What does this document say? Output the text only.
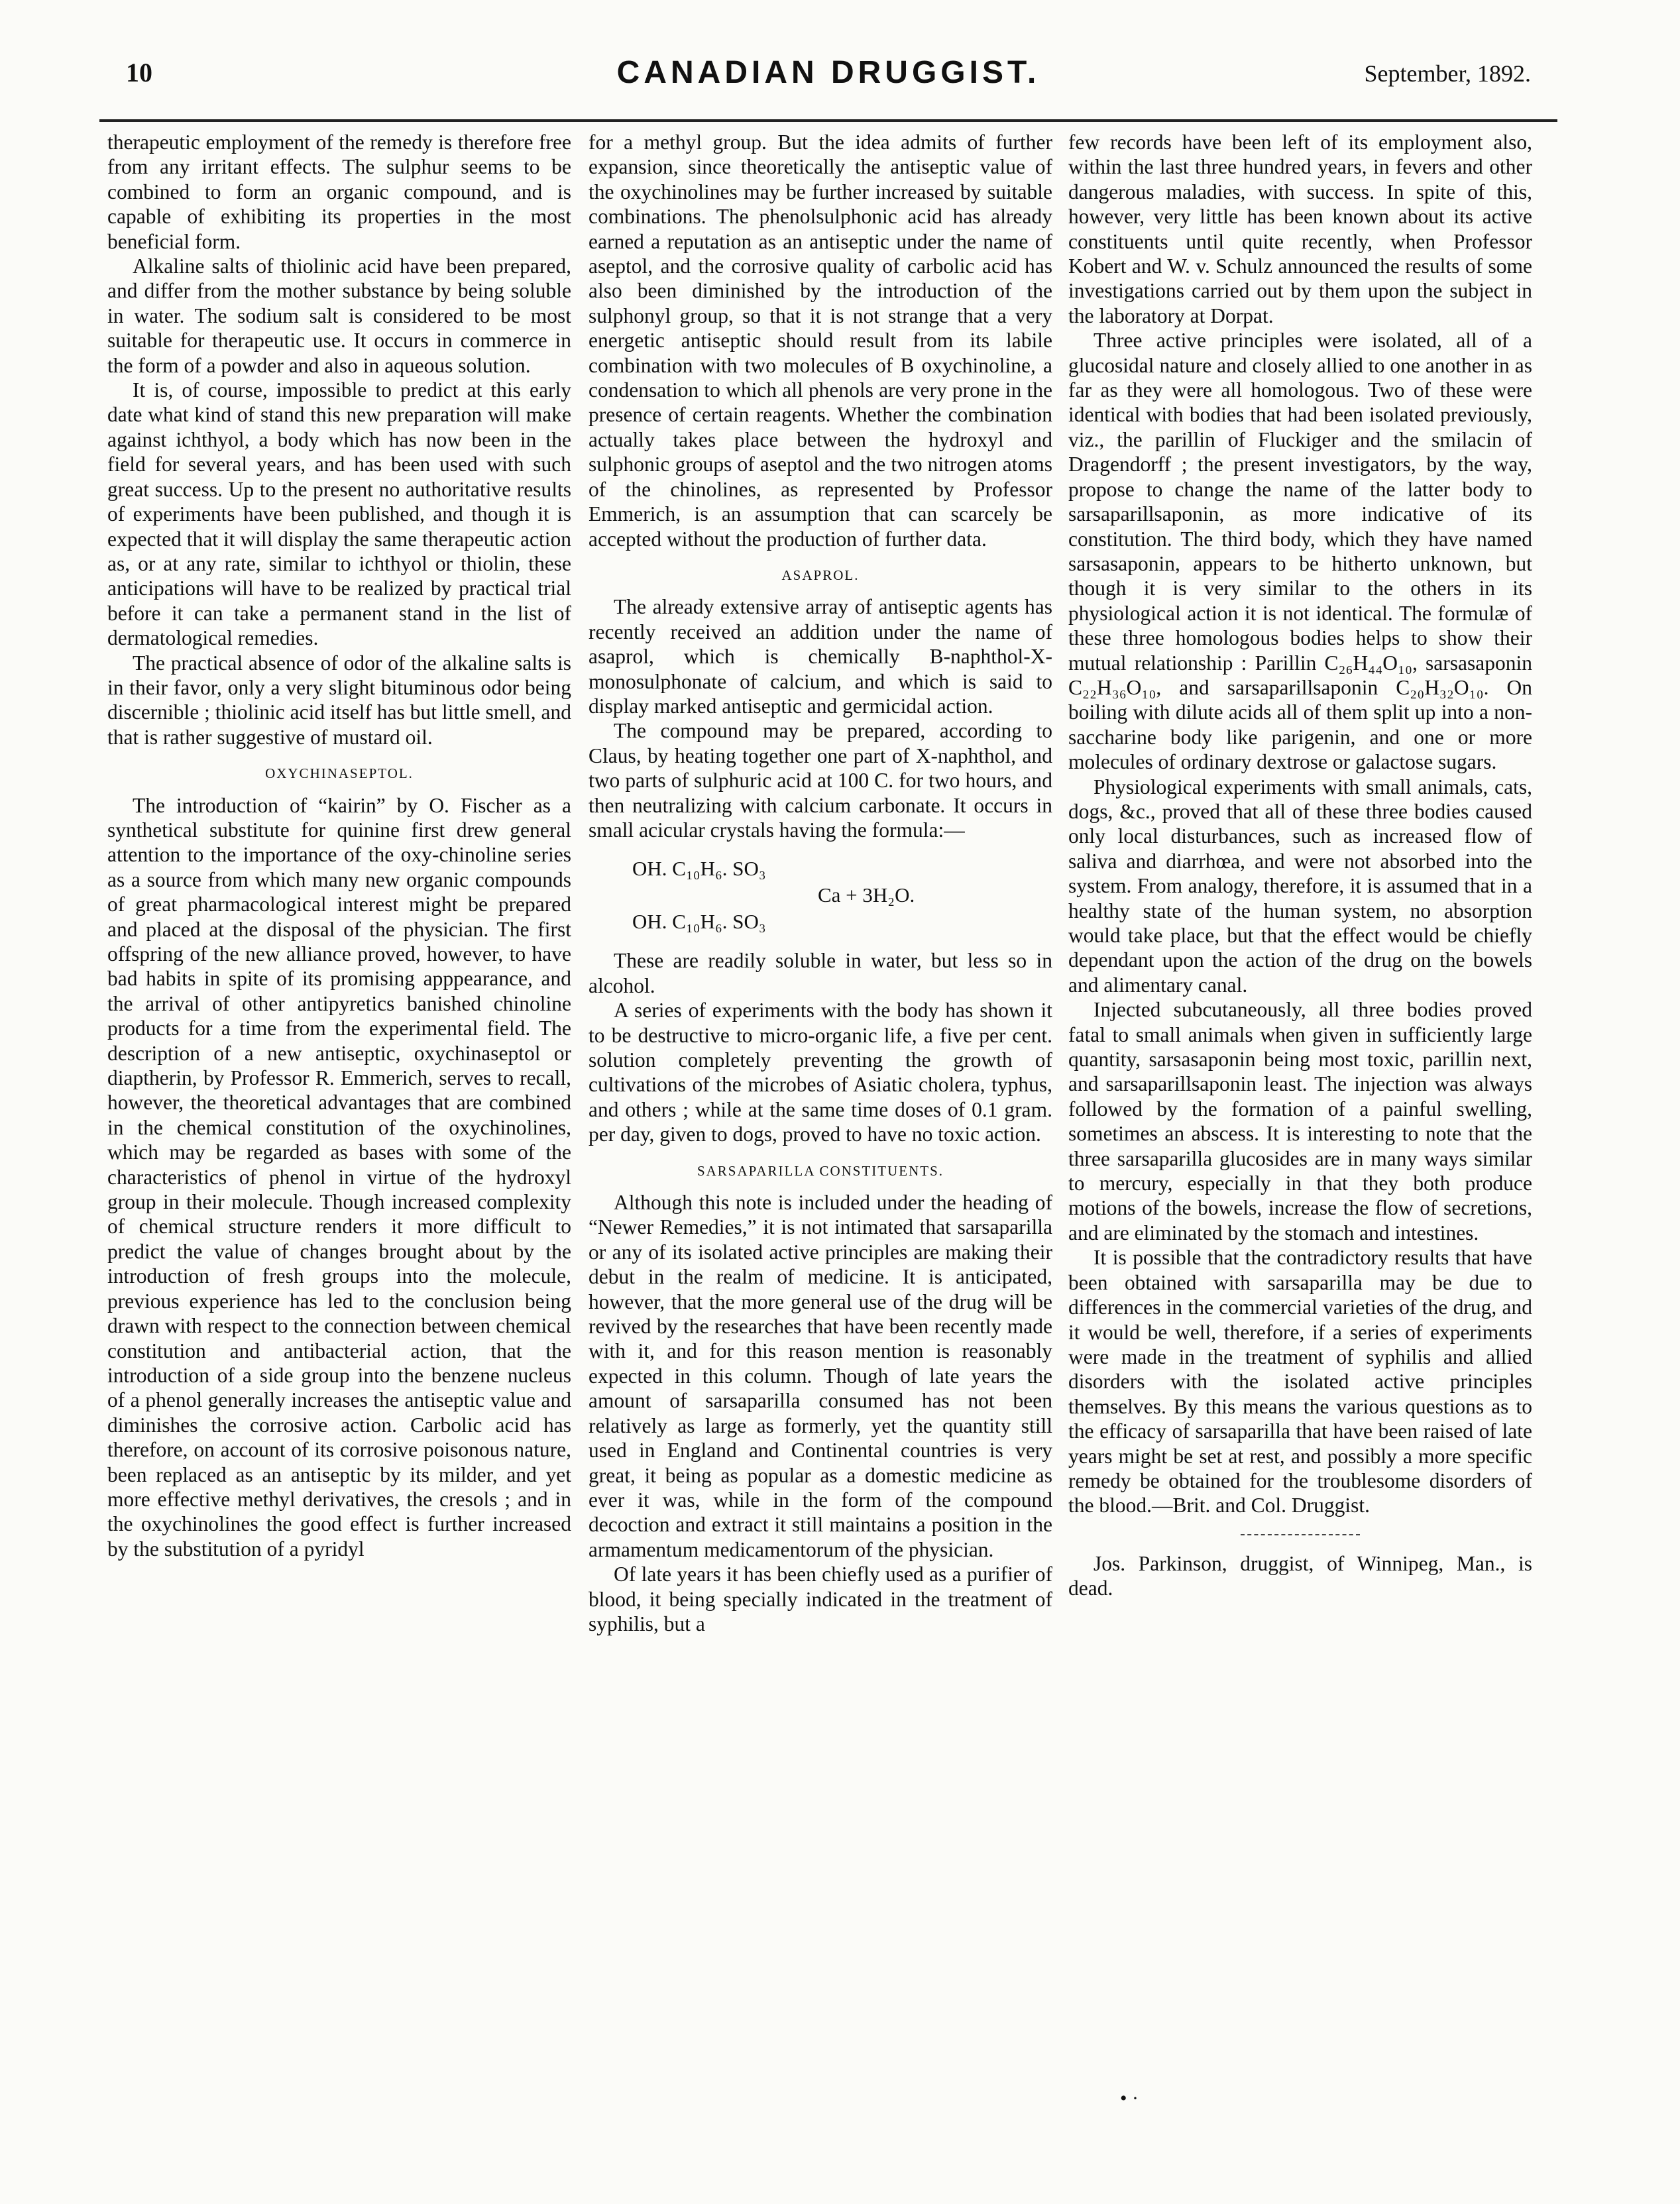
10	CANADIAN DRUGGIST.	September, 1892.

therapeutic employment of the remedy is therefore free from any irritant effects. The sulphur seems to be combined to form an organic compound, and is capable of exhibiting its properties in the most beneficial form.

Alkaline salts of thiolinic acid have been prepared, and differ from the mother substance by being soluble in water. The sodium salt is considered to be most suitable for therapeutic use. It occurs in commerce in the form of a powder and also in aqueous solution.

It is, of course, impossible to predict at this early date what kind of stand this new preparation will make against ichthyol, a body which has now been in the field for several years, and has been used with such great success. Up to the present no authoritative results of experiments have been published, and though it is expected that it will display the same therapeutic action as, or at any rate, similar to ichthyol or thiolin, these anticipations will have to be realized by practical trial before it can take a permanent stand in the list of dermatological remedies.

The practical absence of odor of the alkaline salts is in their favor, only a very slight bituminous odor being discernible ; thiolinic acid itself has but little smell, and that is rather suggestive of mustard oil.

OXYCHINASEPTOL.

The introduction of “kairin” by O. Fischer as a synthetical substitute for quinine first drew general attention to the importance of the oxy-chinoline series as a source from which many new organic compounds of great pharmacological interest might be prepared and placed at the disposal of the physician. The first offspring of the new alliance proved, however, to have bad habits in spite of its promising apppearance, and the arrival of other antipyretics banished chinoline products for a time from the experimental field. The description of a new antiseptic, oxychinaseptol or diaptherin, by Professor R. Emmerich, serves to recall, however, the theoretical advantages that are combined in the chemical constitution of the oxychinolines, which may be regarded as bases with some of the characteristics of phenol in virtue of the hydroxyl group in their molecule. Though increased complexity of chemical structure renders it more difficult to predict the value of changes brought about by the introduction of fresh groups into the molecule, previous experience has led to the conclusion being drawn with respect to the connection between chemical constitution and antibacterial action, that the introduction of a side group into the benzene nucleus of a phenol generally increases the antiseptic value and diminishes the corrosive action. Carbolic acid has therefore, on account of its corrosive poisonous nature, been replaced as an antiseptic by its milder, and yet more effective methyl derivatives, the cresols ; and in the oxychinolines the good effect is further increased by the substitution of a pyridyl

for a methyl group. But the idea admits of further expansion, since theoretically the antiseptic value of the oxychinolines may be further increased by suitable combinations. The phenolsulphonic acid has already earned a reputation as an antiseptic under the name of aseptol, and the corrosive quality of carbolic acid has also been diminished by the introduction of the sulphonyl group, so that it is not strange that a very energetic antiseptic should result from its labile combination with two molecules of B oxychinoline, a condensation to which all phenols are very prone in the presence of certain reagents. Whether the combination actually takes place between the hydroxyl and sulphonic groups of aseptol and the two nitrogen atoms of the chinolines, as represented by Professor Emmerich, is an assumption that can scarcely be accepted without the production of further data.

ASAPROL.

The already extensive array of antiseptic agents has recently received an addition under the name of asaprol, which is chemically B-naphthol-X-monosulphonate of calcium, and which is said to display marked antiseptic and germicidal action.

The compound may be prepared, according to Claus, by heating together one part of X-naphthol, and two parts of sulphuric acid at 100 C. for two hours, and then neutralizing with calcium carbonate. It occurs in small acicular crystals having the formula:—

OH. C₁₀H₆. SO₃
Ca + 3H₂O.
OH. C₁₀H₆. SO₃

These are readily soluble in water, but less so in alcohol.

A series of experiments with the body has shown it to be destructive to micro-organic life, a five per cent. solution completely preventing the growth of cultivations of the microbes of Asiatic cholera, typhus, and others ; while at the same time doses of 0.1 gram. per day, given to dogs, proved to have no toxic action.

SARSAPARILLA CONSTITUENTS.

Although this note is included under the heading of “Newer Remedies,” it is not intimated that sarsaparilla or any of its isolated active principles are making their debut in the realm of medicine. It is anticipated, however, that the more general use of the drug will be revived by the researches that have been recently made with it, and for this reason mention is reasonably expected in this column. Though of late years the amount of sarsaparilla consumed has not been relatively as large as formerly, yet the quantity still used in England and Continental countries is very great, it being as popular as a domestic medicine as ever it was, while in the form of the compound decoction and extract it still maintains a position in the armamentum medicamentorum of the physician.

Of late years it has been chiefly used as a purifier of blood, it being specially indicated in the treatment of syphilis, but a

few records have been left of its employment also, within the last three hundred years, in fevers and other dangerous maladies, with success. In spite of this, however, very little has been known about its active constituents until quite recently, when Professor Kobert and W. v. Schulz announced the results of some investigations carried out by them upon the subject in the laboratory at Dorpat.

Three active principles were isolated, all of a glucosidal nature and closely allied to one another in as far as they were all homologous. Two of these were identical with bodies that had been isolated previously, viz., the parillin of Fluckiger and the smilacin of Dragendorff ; the present investigators, by the way, propose to change the name of the latter body to sarsaparillsaponin, as more indicative of its constitution. The third body, which they have named sarsasaponin, appears to be hitherto unknown, but though it is very similar to the others in its physiological action it is not identical. The formulæ of these three homologous bodies helps to show their mutual relationship : Parillin C₂₆H₄₄O₁₀, sarsasaponin C₂₂H₃₆O₁₀, and sarsaparillsaponin C₂₀H₃₂O₁₀. On boiling with dilute acids all of them split up into a non-saccharine body like parigenin, and one or more molecules of ordinary dextrose or galactose sugars.

Physiological experiments with small animals, cats, dogs, &c., proved that all of these three bodies caused only local disturbances, such as increased flow of saliva and diarrhœa, and were not absorbed into the system. From analogy, therefore, it is assumed that in a healthy state of the human system, no absorption would take place, but that the effect would be chiefly dependant upon the action of the drug on the bowels and alimentary canal.

Injected subcutaneously, all three bodies proved fatal to small animals when given in sufficiently large quantity, sarsasaponin being most toxic, parillin next, and sarsaparillsaponin least. The injection was always followed by the formation of a painful swelling, sometimes an abscess. It is interesting to note that the three sarsaparilla glucosides are in many ways similar to mercury, especially in that they both produce motions of the bowels, increase the flow of secretions, and are eliminated by the stomach and intestines.

It is possible that the contradictory results that have been obtained with sarsaparilla may be due to differences in the commercial varieties of the drug, and it would be well, therefore, if a series of experiments were made in the treatment of syphilis and allied disorders with the isolated active principles themselves. By this means the various questions as to the efficacy of sarsaparilla that have been raised of late years might be set at rest, and possibly a more specific remedy be obtained for the troublesome disorders of the blood.—Brit. and Col. Druggist.

Jos. Parkinson, druggist, of Winnipeg, Man., is dead.

• ·
